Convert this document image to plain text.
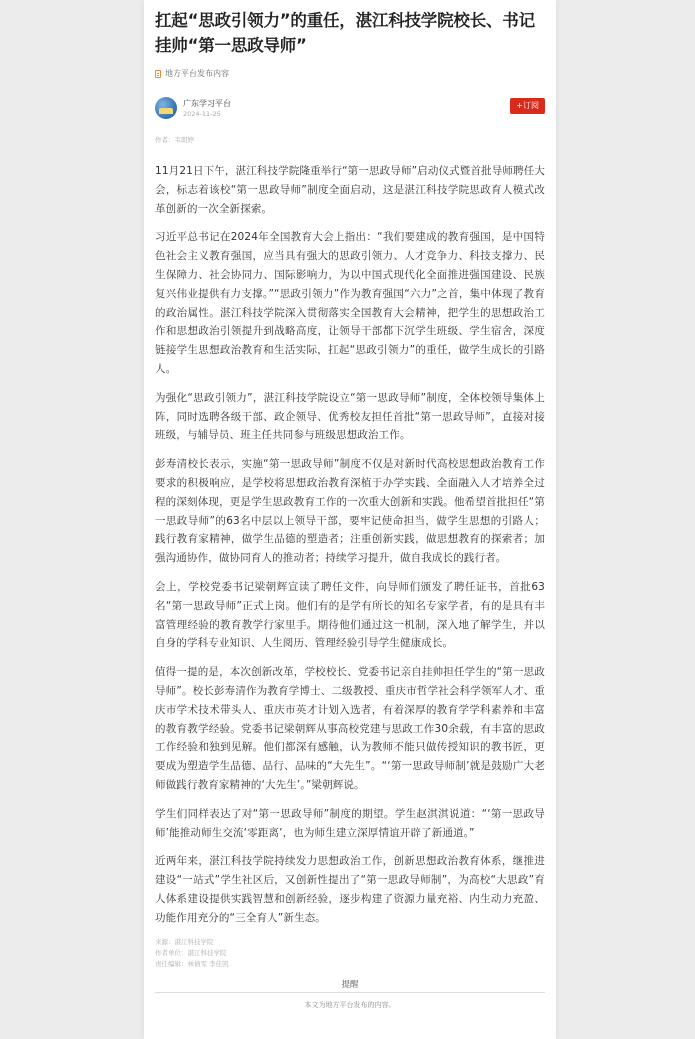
扛起“思政引领力”的重任，湛江科技学院校长、书记挂帅“第一思政导师”
地方平台发布内容
广东学习平台
2024-11-25
+订阅
作者：韦朗婷

11月21日下午，湛江科技学院隆重举行“第一思政导师”启动仪式暨首批导师聘任大会，标志着该校“第一思政导师”制度全面启动，这是湛江科技学院思政育人模式改革创新的一次全新探索。

习近平总书记在2024年全国教育大会上指出：“我们要建成的教育强国，是中国特色社会主义教育强国，应当具有强大的思政引领力、人才竞争力、科技支撑力、民生保障力、社会协同力、国际影响力，为以中国式现代化全面推进强国建设、民族复兴伟业提供有力支撑。”“思政引领力”作为教育强国“六力”之首，集中体现了教育的政治属性。湛江科技学院深入贯彻落实全国教育大会精神，把学生的思想政治工作和思想政治引领提升到战略高度，让领导干部都下沉学生班级、学生宿舍，深度链接学生思想政治教育和生活实际，扛起“思政引领力”的重任，做学生成长的引路人。

为强化“思政引领力”，湛江科技学院设立“第一思政导师”制度，全体校领导集体上阵，同时选聘各级干部、政企领导、优秀校友担任首批“第一思政导师”，直接对接班级，与辅导员、班主任共同参与班级思想政治工作。

彭寿清校长表示，实施“第一思政导师”制度不仅是对新时代高校思想政治教育工作要求的积极响应，是学校将思想政治教育深植于办学实践、全面融入人才培养全过程的深刻体现，更是学生思政教育工作的一次重大创新和实践。他希望首批担任“第一思政导师”的63名中层以上领导干部，要牢记使命担当，做学生思想的引路人；践行教育家精神，做学生品德的塑造者；注重创新实践，做思想教育的探索者；加强沟通协作，做协同育人的推动者；持续学习提升，做自我成长的践行者。

会上，学校党委书记梁朝辉宣读了聘任文件，向导师们颁发了聘任证书，首批63名“第一思政导师”正式上岗。他们有的是学有所长的知名专家学者，有的是具有丰富管理经验的教育教学行家里手。期待他们通过这一机制，深入地了解学生，并以自身的学科专业知识、人生阅历、管理经验引导学生健康成长。

值得一提的是，本次创新改革，学校校长、党委书记亲自挂帅担任学生的“第一思政导师”。校长彭寿清作为教育学博士、二级教授、重庆市哲学社会科学领军人才、重庆市学术技术带头人、重庆市英才计划入选者，有着深厚的教育学学科素养和丰富的教育教学经验。党委书记梁朝辉从事高校党建与思政工作30余载，有丰富的思政工作经验和独到见解。他们都深有感触，认为教师不能只做传授知识的教书匠，更要成为塑造学生品德、品行、品味的“大先生”。“‘第一思政导师制’就是鼓励广大老师做践行教育家精神的‘大先生’。”梁朝辉说。

学生们同样表达了对“第一思政导师”制度的期望。学生赵淇淇说道：“‘第一思政导师’能推动师生交流‘零距离’，也为师生建立深厚情谊开辟了新通道。”

近两年来，湛江科技学院持续发力思想政治工作，创新思想政治教育体系，继推进建设“一站式”学生社区后，又创新性提出了“第一思政导师制”，为高校“大思政”育人体系建设提供实践智慧和创新经验，逐步构建了资源力量充裕、内生动力充盈、功能作用充分的“三全育人”新生态。

来源：湛江科技学院
作者单位：湛江科技学院
责任编辑：林倩雯 李佳凯
提醒
本文为地方平台发布的内容。
